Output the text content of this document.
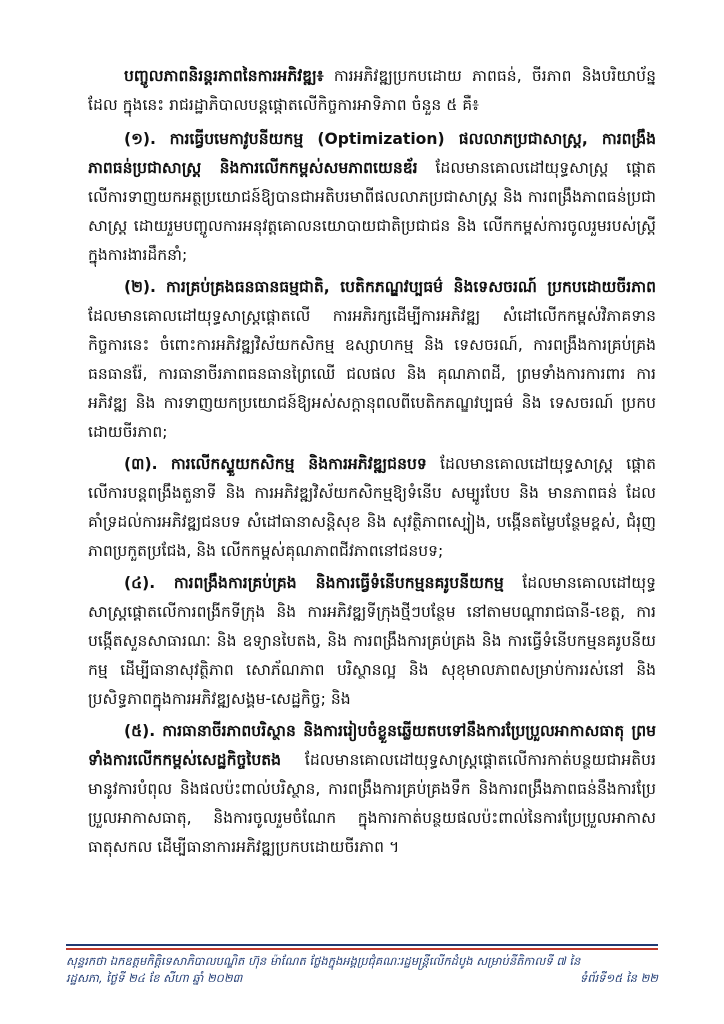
បញ្ចូលភាពនិរន្តរភាពនៃការអភិវឌ្ឍ៖ ការអភិវឌ្ឍប្រកបដោយ ភាពធន់, ចីរភាព និងបរិយាប័ន្ន ដែល ក្នុងនេះ រាជរដ្ឋាភិបាលបន្តផ្តោតលើកិច្ចការអាទិភាព ចំនួន ៥ គឺ៖

(១). ការធ្វើបមេកាវូបនីយកម្ម (Optimization) ផលលាភប្រជាសាស្ត្រ, ការពង្រឹងភាពធន់ប្រជាសាស្ត្រ និងការលើកកម្ពស់សមភាពយេនឌ័រ ដែលមានគោលដៅយុទ្ធសាស្ត្រ ផ្តោតលើការទាញយកអត្ថប្រយោជន៍ឱ្យបានជាអតិបរមាពីផលលាភប្រជាសាស្ត្រ និង ការពង្រឹងភាពធន់ប្រជាសាស្ត្រ ដោយរួមបញ្ចូលការអនុវត្តគោលនយោបាយជាតិប្រជាជន និង លើកកម្ពស់ការចូលរួមរបស់ស្ត្រីក្នុងការងារដឹកនាំ;

(២). ការគ្រប់គ្រងធនធានធម្មជាតិ, បេតិកភណ្ឌវប្បធម៌ និងទេសចរណ៍ ប្រកបដោយចីរភាព ដែលមានគោលដៅយុទ្ធសាស្ត្រផ្តោតលើ ការអភិរក្សដើម្បីការអភិវឌ្ឍ សំដៅលើកកម្ពស់វិភាគទានកិច្ចការនេះ ចំពោះការអភិវឌ្ឍវិស័យកសិកម្ម ឧស្សាហកម្ម និង ទេសចរណ៍, ការពង្រឹងការគ្រប់គ្រងធនធានរ៉ែ, ការធានាចីរភាពធនធានព្រៃឈើ ជលផល និង គុណភាពដី, ព្រមទាំងការការពារ ការអភិវឌ្ឍ និង ការទាញយកប្រយោជន៍ឱ្យអស់សក្តានុពលពីបេតិកភណ្ឌវប្បធម៌ និង ទេសចរណ៍ ប្រកបដោយចីរភាព;

(៣). ការលើកស្ទួយកសិកម្ម និងការអភិវឌ្ឍជនបទ ដែលមានគោលដៅយុទ្ធសាស្ត្រ ផ្តោតលើការបន្តពង្រឹងតួនាទី និង ការអភិវឌ្ឍវិស័យកសិកម្មឱ្យទំនើប សម្បូរបែប និង មានភាពធន់ ដែលគាំទ្រដល់ការអភិវឌ្ឍជនបទ សំដៅធានាសន្តិសុខ និង សុវត្ថិភាពស្បៀង, បង្កើនតម្លៃបន្ថែមខ្ពស់, ជំរុញភាពប្រកួតប្រជែង, និង លើកកម្ពស់គុណភាពជីវភាពនៅជនបទ;

(៤). ការពង្រឹងការគ្រប់គ្រង និងការធ្វើទំនើបកម្មនគរូបនីយកម្ម ដែលមានគោលដៅយុទ្ធសាស្ត្រផ្តោតលើការពង្រីកទីក្រុង និង ការអភិវឌ្ឍទីក្រុងថ្មីៗបន្ថែម នៅតាមបណ្តារាជធានី-ខេត្ត, ការបង្កើតសួនសាធារណៈ និង ឧទ្យានបៃតង, និង ការពង្រឹងការគ្រប់គ្រង និង ការធ្វើទំនើបកម្មនគរូបនីយកម្ម ដើម្បីធានាសុវត្ថិភាព សោភ័ណភាព បរិស្ថានល្អ និង សុខុមាលភាពសម្រាប់ការរស់នៅ និង ប្រសិទ្ធភាពក្នុងការអភិវឌ្ឍសង្គម-សេដ្ឋកិច្ច; និង

(៥). ការធានាចីរភាពបរិស្ថាន និងការរៀបចំខ្លួនឆ្លើយតបទៅនឹងការប្រែប្រួលអាកាសធាតុ ព្រមទាំងការលើកកម្ពស់សេដ្ឋកិច្ចបៃតង ដែលមានគោលដៅយុទ្ធសាស្ត្រផ្តោតលើការកាត់បន្ថយជាអតិបរមានូវការបំពុល និងផលប៉ះពាល់បរិស្ថាន, ការពង្រឹងការគ្រប់គ្រងទឹក និងការពង្រឹងភាពធន់នឹងការប្រែប្រួលអាកាសធាតុ, និងការចូលរួមចំណែក ក្នុងការកាត់បន្ថយផលប៉ះពាល់នៃការប្រែប្រួលអាកាសធាតុសកល ដើម្បីធានាការអភិវឌ្ឍប្រកបដោយចីរភាព ។

សុន្ទរកថា ឯកឧត្តមកិត្តិទេសាភិបាលបណ្ឌិត ហ៊ុន ម៉ាណែត ថ្លែងក្នុងអង្គប្រជុំគណៈរដ្ឋមន្ត្រីលើកដំបូង សម្រាប់នីតិកាលទី ៧ នៃ
រដ្ឋសភា, ថ្ងៃទី ២៤ ខែ សីហា ឆ្នាំ ២០២៣	ទំព័រទី១៥ នៃ ២២
